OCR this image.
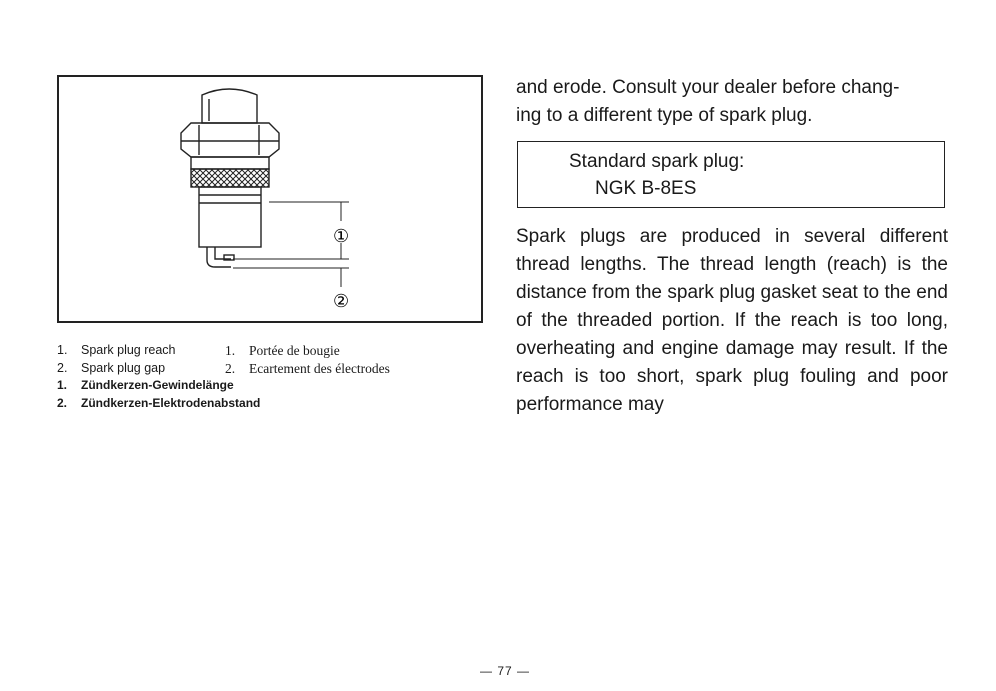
①
②
1. Spark plug reach	1. Portée de bougie
2. Spark plug gap	2. Ecartement des électrodes
1. Zündkerzen-Gewindelänge
2. Zündkerzen-Elektrodenabstand

and erode. Consult your dealer before chang-

ing to a different type of spark plug.

Standard spark plug:
NGK B-8ES

Spark plugs are produced in several different thread lengths. The thread length (reach) is the distance from the spark plug gasket seat to the end of the threaded portion. If the reach is too long, overheating and engine damage may result. If the reach is too short, spark plug fouling and poor performance may

— 77 —
